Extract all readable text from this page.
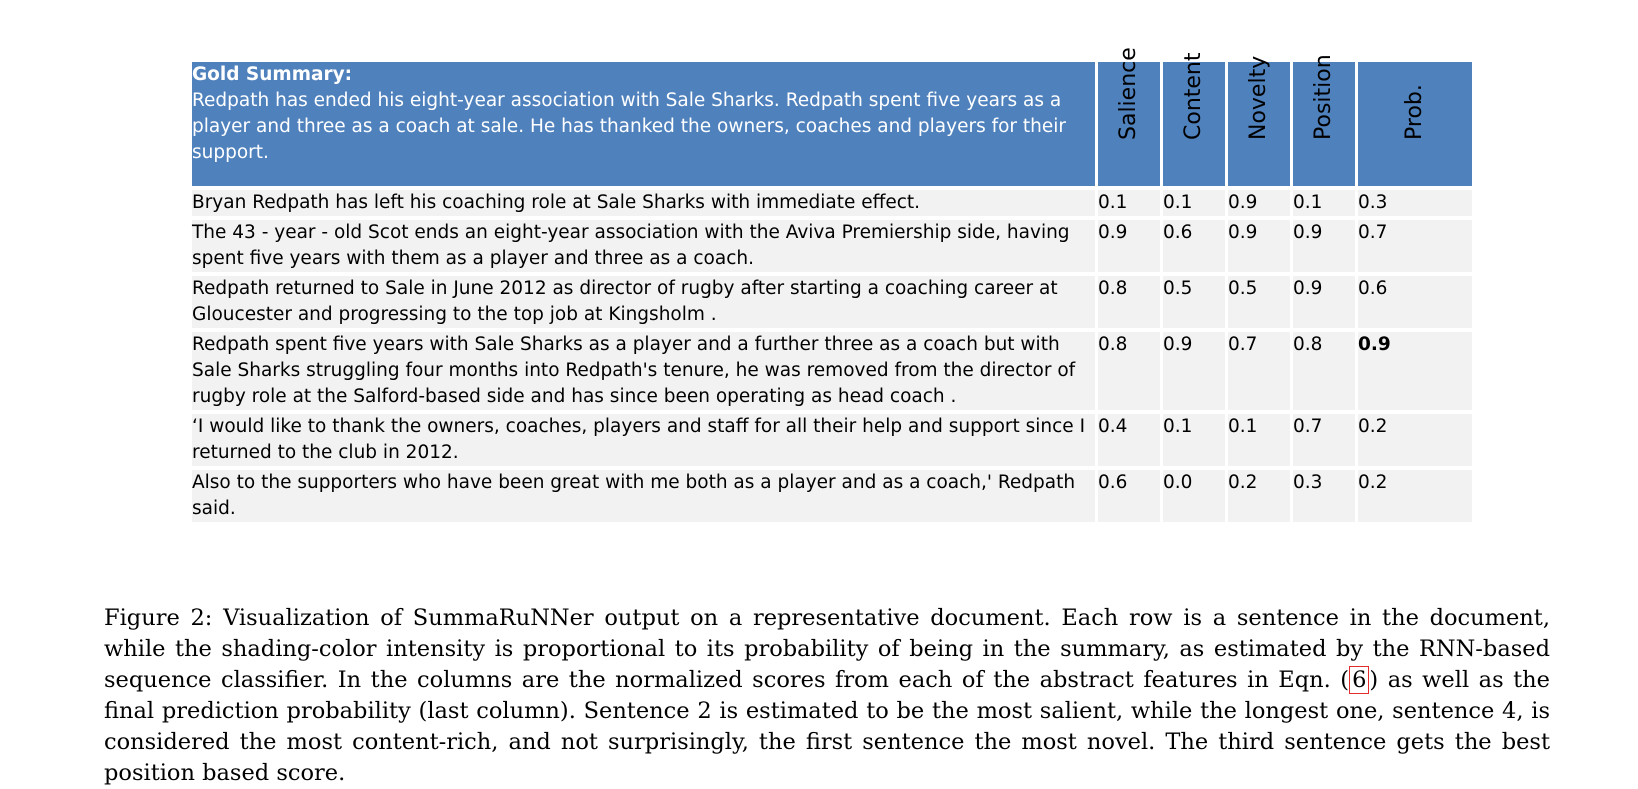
Gold Summary:
Redpath has ended his eight-year association with Sale Sharks. Redpath spent five years as a player and three as a coach at sale. He has thanked the owners, coaches and players for their support.	Salience	Content	Novelty	Position	Prob.

Bryan Redpath has left his coaching role at Sale Sharks with immediate effect.	0.1	0.1	0.9	0.1	0.3
The 43 - year - old Scot ends an eight-year association with the Aviva Premiership side, having spent five years with them as a player and three as a coach.	0.9	0.6	0.9	0.9	0.7
Redpath returned to Sale in June 2012 as director of rugby after starting a coaching career at Gloucester and progressing to the top job at Kingsholm .	0.8	0.5	0.5	0.9	0.6
Redpath spent five years with Sale Sharks as a player and a further three as a coach but with Sale Sharks struggling four months into Redpath's tenure, he was removed from the director of rugby role at the Salford-based side and has since been operating as head coach .	0.8	0.9	0.7	0.8	0.9
‘I would like to thank the owners, coaches, players and staff for all their help and support since I returned to the club in 2012.	0.4	0.1	0.1	0.7	0.2
Also to the supporters who have been great with me both as a player and as a coach,' Redpath said.	0.6	0.0	0.2	0.3	0.2

Figure 2: Visualization of SummaRuNNer output on a representative document. Each row is a sentence in the document, while the shading-color intensity is proportional to its probability of being in the summary, as estimated by the RNN-based sequence classifier. In the columns are the normalized scores from each of the abstract features in Eqn. ( 6 ) as well as the final prediction probability (last column). Sentence 2 is estimated to be the most salient, while the longest one, sentence 4, is considered the most content-rich, and not surprisingly, the first sentence the most novel. The third sentence gets the best position based score.
